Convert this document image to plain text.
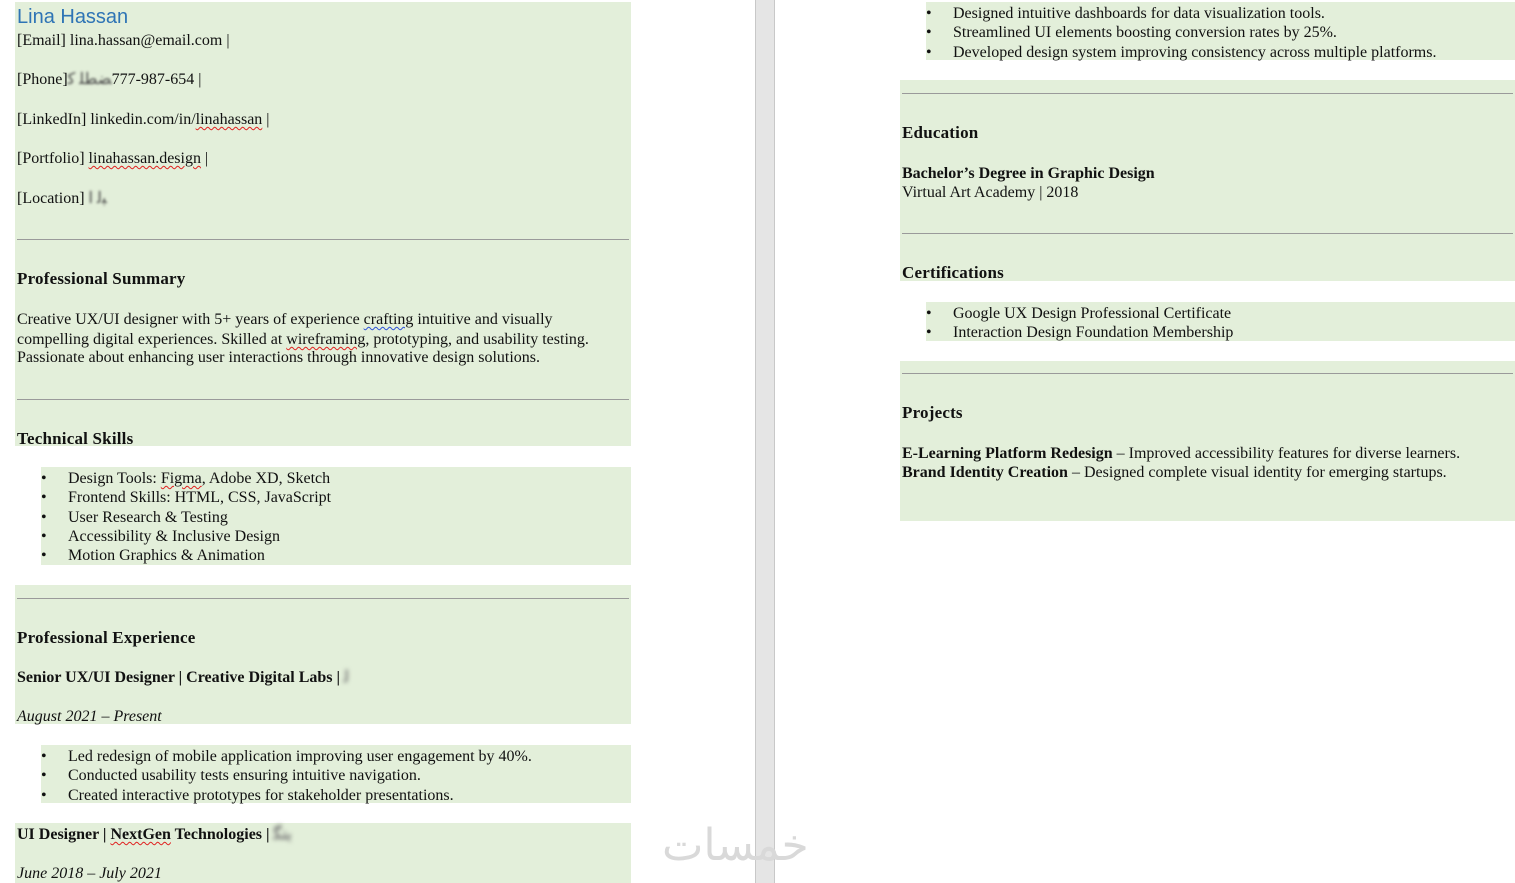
Lina Hassan
[Email] lina.hassan@email.com |
[Phone]ﻀﻄﻠ ﻛ777-987-654 |
[LinkedIn] linkedin.com/in/linahassan |
[Portfolio] linahassan.design |
[Location] ﺒﻟ ا
Professional Summary
Creative UX/UI designer with 5+ years of experience crafting intuitive and visually
compelling digital experiences. Skilled at wireframing, prototyping, and usability testing.
Passionate about enhancing user interactions through innovative design solutions.
Technical Skills
• Design Tools: Figma, Adobe XD, Sketch
• Frontend Skills: HTML, CSS, JavaScript
• User Research & Testing
• Accessibility & Inclusive Design
• Motion Graphics & Animation
Professional Experience
Senior UX/UI Designer | Creative Digital Labs | ﻟ
August 2021 – Present
• Led redesign of mobile application improving user engagement by 40%.
• Conducted usability tests ensuring intuitive navigation.
• Created interactive prototypes for stakeholder presentations.
UI Designer | NextGen Technologies | ﺑﻨﮕ
June 2018 – July 2021
• Designed intuitive dashboards for data visualization tools.
• Streamlined UI elements boosting conversion rates by 25%.
• Developed design system improving consistency across multiple platforms.
Education
Bachelor’s Degree in Graphic Design
Virtual Art Academy | 2018
Certifications
• Google UX Design Professional Certificate
• Interaction Design Foundation Membership
Projects
E-Learning Platform Redesign – Improved accessibility features for diverse learners.
Brand Identity Creation – Designed complete visual identity for emerging startups.
خمسات
